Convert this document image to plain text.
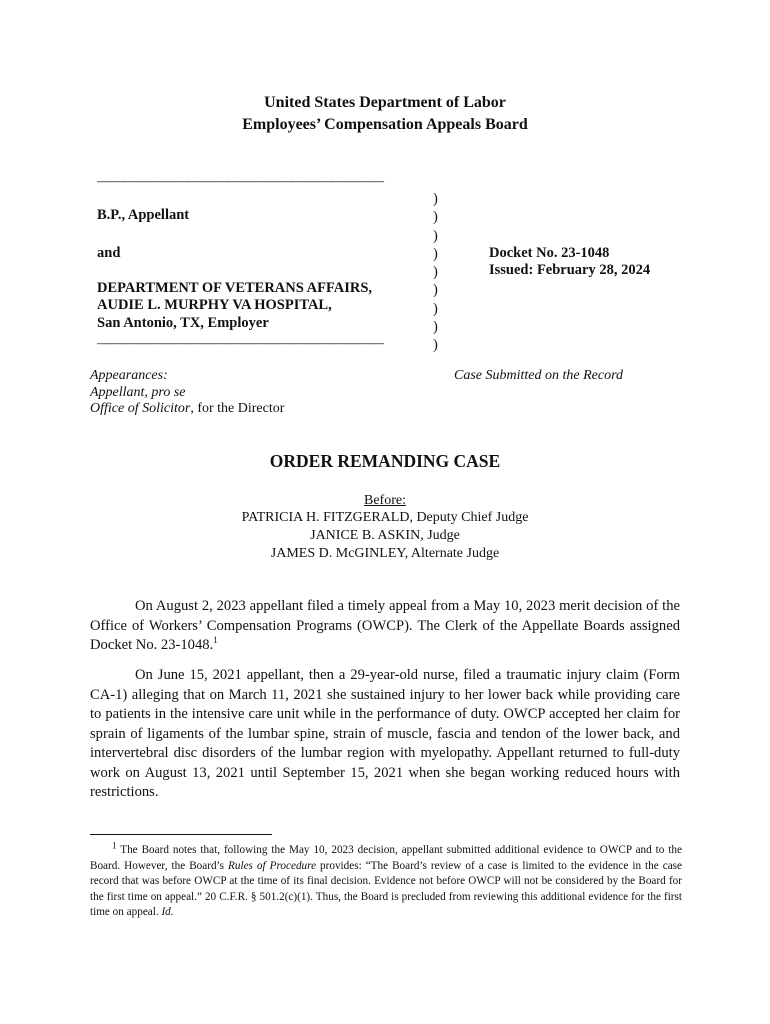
United States Department of Labor
Employees’ Compensation Appeals Board
——————————————————————
B.P., Appellant
and
DEPARTMENT OF VETERANS AFFAIRS,
AUDIE L. MURPHY VA HOSPITAL,
San Antonio, TX, Employer
——————————————————————
)
)
)
)
)
)
)
)
)
Docket No. 23-1048
Issued: February 28, 2024
Appearances:
Appellant, pro se
Office of Solicitor, for the Director
Case Submitted on the Record
ORDER REMANDING CASE
Before:
PATRICIA H. FITZGERALD, Deputy Chief Judge
JANICE B. ASKIN, Judge
JAMES D. McGINLEY, Alternate Judge
On August 2, 2023 appellant filed a timely appeal from a May 10, 2023 merit decision of the Office of Workers’ Compensation Programs (OWCP). The Clerk of the Appellate Boards assigned Docket No. 23-1048.$^1$
On June 15, 2021 appellant, then a 29-year-old nurse, filed a traumatic injury claim (Form CA-1) alleging that on March 11, 2021 she sustained injury to her lower back while providing care to patients in the intensive care unit while in the performance of duty. OWCP accepted her claim for sprain of ligaments of the lumbar spine, strain of muscle, fascia and tendon of the lower back, and intervertebral disc disorders of the lumbar region with myelopathy. Appellant returned to full-duty work on August 13, 2021 until September 15, 2021 when she began working reduced hours with restrictions.
$^1$ The Board notes that, following the May 10, 2023 decision, appellant submitted additional evidence to OWCP and to the Board. However, the Board’s Rules of Procedure provides: “The Board’s review of a case is limited to the evidence in the case record that was before OWCP at the time of its final decision. Evidence not before OWCP will not be considered by the Board for the first time on appeal.” 20 C.F.R. § 501.2(c)(1). Thus, the Board is precluded from reviewing this additional evidence for the first time on appeal. Id.
